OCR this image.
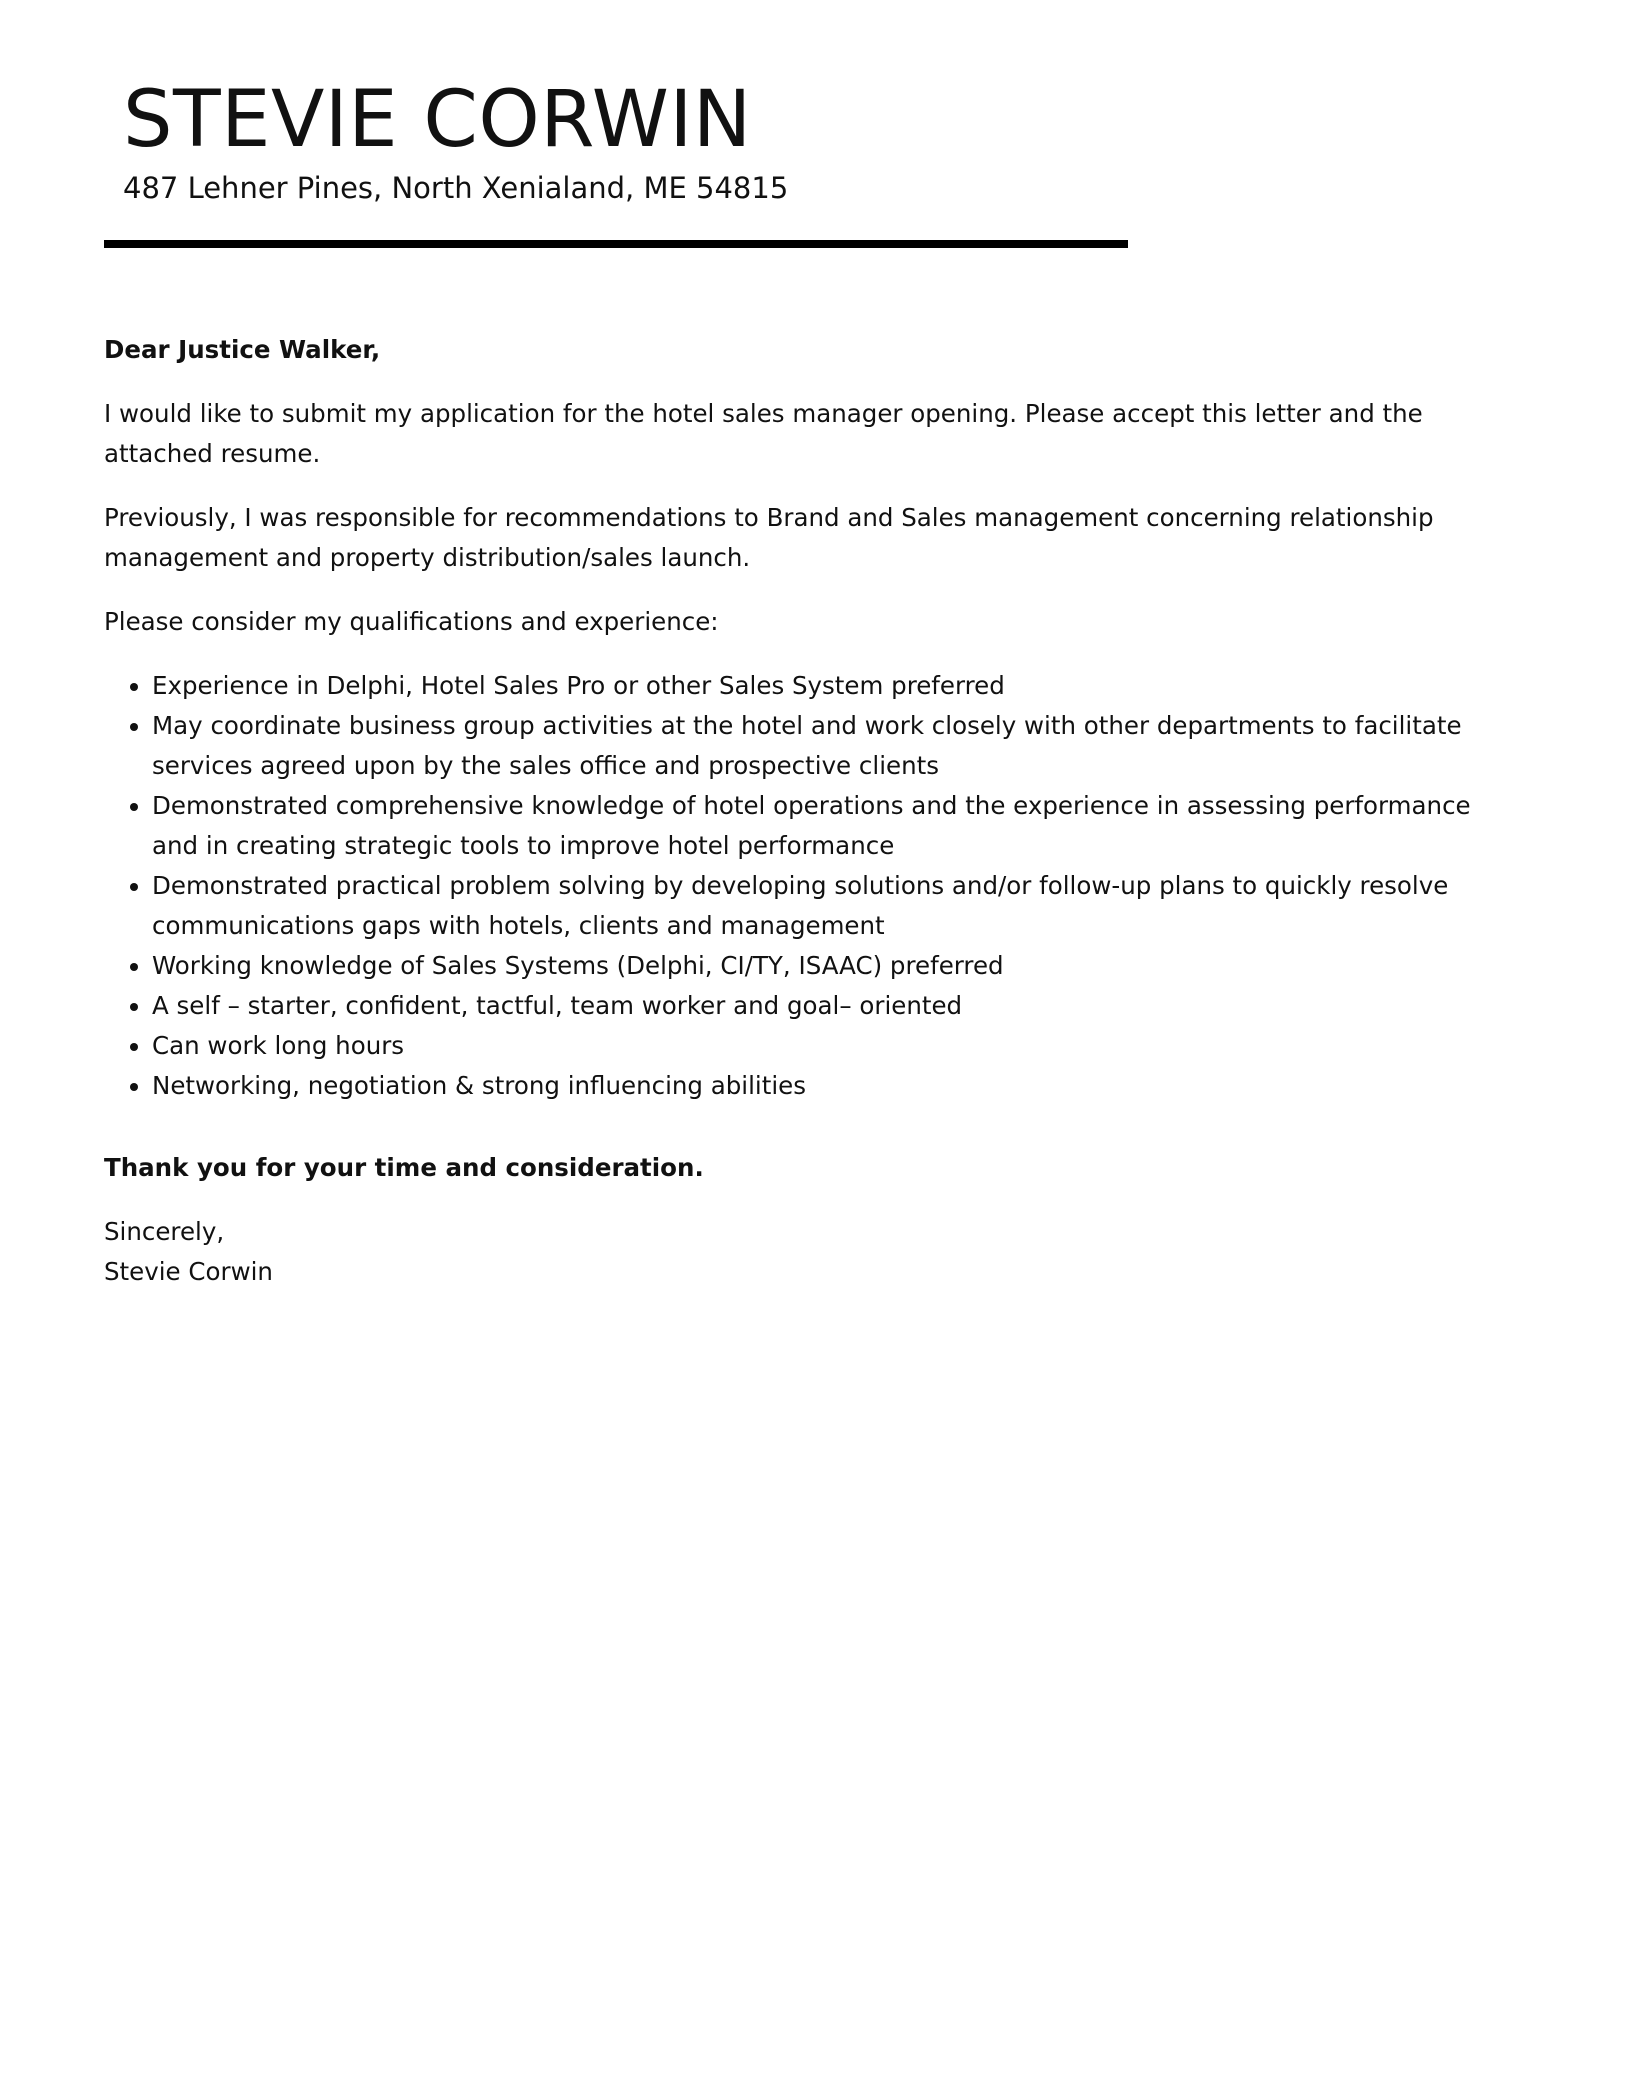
STEVIE CORWIN

487 Lehner Pines, North Xenialand, ME 54815

Dear Justice Walker,

I would like to submit my application for the hotel sales manager opening. Please accept this letter and the attached resume.

Previously, I was responsible for recommendations to Brand and Sales management concerning relationship management and property distribution/sales launch.

Please consider my qualifications and experience:

• Experience in Delphi, Hotel Sales Pro or other Sales System preferred
• May coordinate business group activities at the hotel and work closely with other departments to facilitate services agreed upon by the sales office and prospective clients
• Demonstrated comprehensive knowledge of hotel operations and the experience in assessing performance and in creating strategic tools to improve hotel performance
• Demonstrated practical problem solving by developing solutions and/or follow-up plans to quickly resolve communications gaps with hotels, clients and management
• Working knowledge of Sales Systems (Delphi, CI/TY, ISAAC) preferred
• A self – starter, confident, tactful, team worker and goal– oriented
• Can work long hours
• Networking, negotiation & strong influencing abilities

Thank you for your time and consideration.

Sincerely,

Stevie Corwin
